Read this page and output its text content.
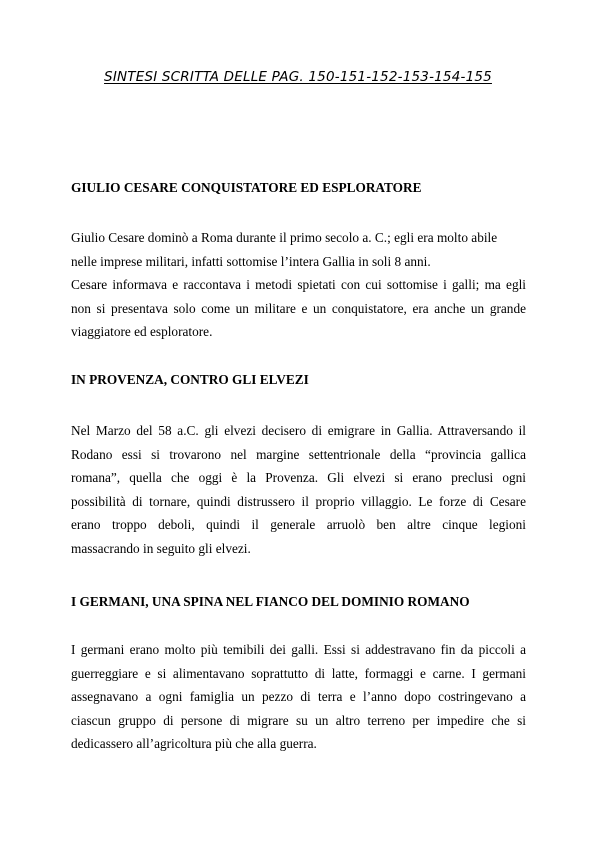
SINTESI SCRITTA DELLE PAG. 150-151-152-153-154-155
GIULIO CESARE CONQUISTATORE ED ESPLORATORE
Giulio Cesare dominò a Roma durante il primo secolo a. C.; egli era molto abile
nelle imprese militari, infatti sottomise l’intera Gallia in soli 8 anni.
Cesare informava e raccontava i metodi spietati con cui sottomise i galli; ma egli
non si presentava solo come un militare e un conquistatore, era anche un grande
viaggiatore ed esploratore.
IN PROVENZA, CONTRO GLI ELVEZI
Nel Marzo del 58 a.C. gli elvezi decisero di emigrare in Gallia. Attraversando il
Rodano essi si trovarono nel margine settentrionale della “provincia gallica
romana”, quella che oggi è la Provenza. Gli elvezi si erano preclusi ogni
possibilità di tornare, quindi distrussero il proprio villaggio. Le forze di Cesare
erano troppo deboli, quindi il generale arruolò ben altre cinque legioni
massacrando in seguito gli elvezi.
I GERMANI, UNA SPINA NEL FIANCO DEL DOMINIO ROMANO
I germani erano molto più temibili dei galli. Essi si addestravano fin da piccoli a
guerreggiare e si alimentavano soprattutto di latte, formaggi e carne. I germani
assegnavano a ogni famiglia un pezzo di terra e l’anno dopo costringevano a
ciascun gruppo di persone di migrare su un altro terreno per impedire che si
dedicassero all’agricoltura più che alla guerra.
